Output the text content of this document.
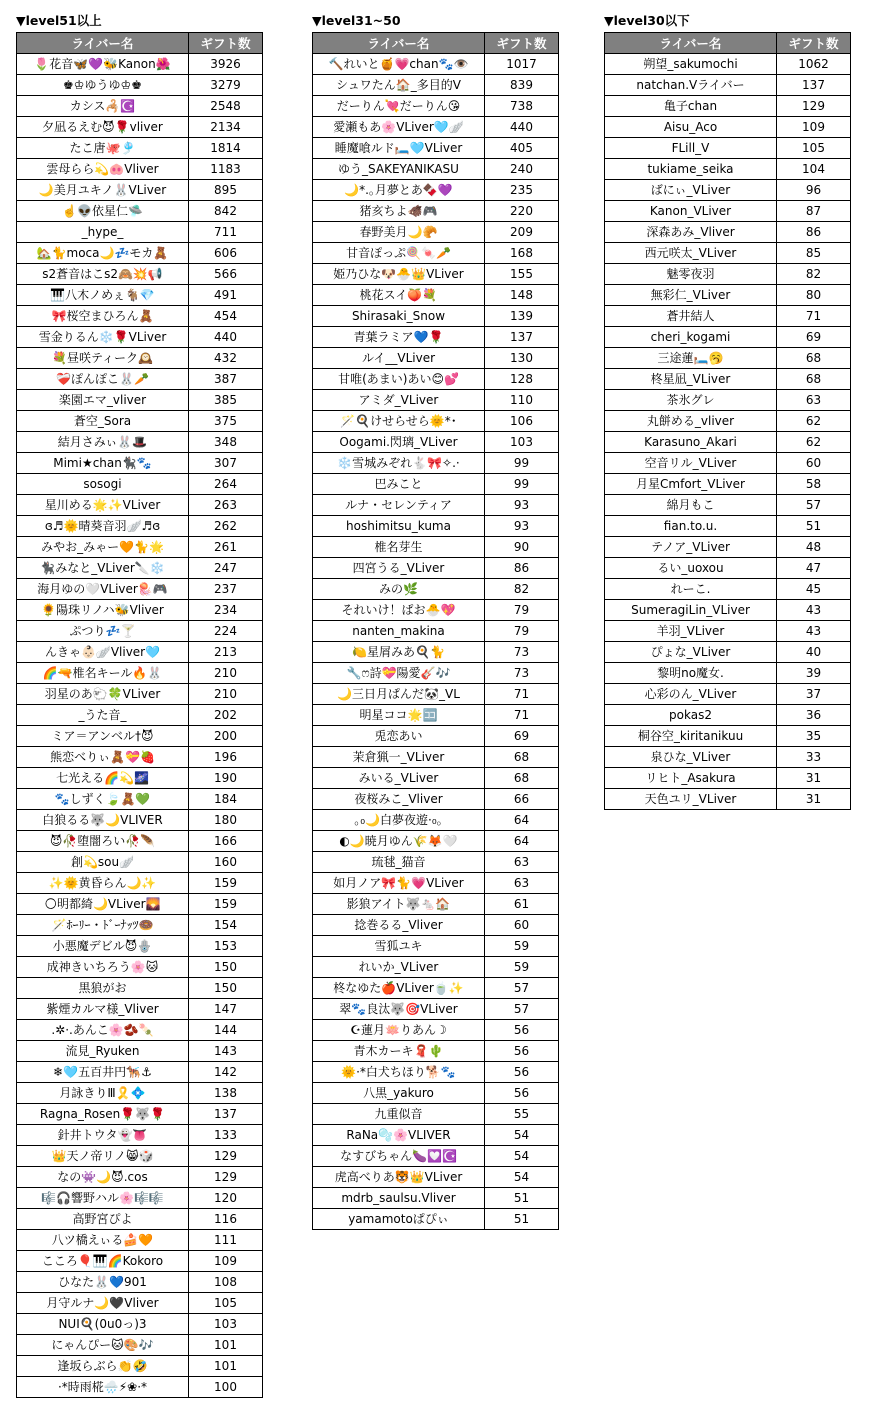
▼level51以上
ライバー名	ギフト数
🌷花音🦋💜🐝Kanon🌺	3926
♚♔ゆうゆ♔♚	3279
カシス🦂☪️	2548
夕凪るえむ😈🌹vliver	2134
たこ唐🐙🎐	1814
雲母らら💫🐽Vliver	1183
🌙美月ユキノ🐰VLiver	895
☝️👽依星仁🛸	842
_hype_	711
🏡🐈moca🌙💤モカ🧸	606
s2蒼音はこs2🙈💥📢	566
🎹八木ノめぇ🐐💎	491
🎀桜空まひろん🧸	454
雪金りるん❄️🌹VLiver	440
💐昼咲ティーク🕰️	432
❤️‍🩹ぽんぽこ🐰🥕	387
楽園エマ_vliver	385
蒼空_Sora	375
結月さみぃ🐰🎩	348
Mimi★chan🐈‍⬛🐾	307
sosogi	264
星川める🌟✨VLiver	263
ɞ♬🌞晴葵音羽🪽♬ɞ	262
みやお_みゃー🧡🐈🌟	261
🐈‍⬛みなと_VLiver🔪❄️	247
海月ゆの🤍VLiver🪼🎮	237
🌻陽珠リノハ🐝Vliver	234
ぷつり💤🍸	224
んきゃ👶🏻🪽Vliver🩵	213
🌈🔫椎名キール🔥🐰	210
羽星のあ🐑🍀VLiver	210
_うた音_	202
ミア＝アンベル†😈	200
熊恋べりぃ🧸💝🍓	196
七光える🌈💫🌌	190
🐾しずく🍃🧸💚	184
白狼るる🐺🌙VLIVER	180
😈🥀堕闇ろい🥀🪶	166
創💫sou🪽	160
✨🌞黄昏らん🌙✨	159
🌕明都綺🌙VLiver🌄	159
🪄ﾎｰﾘｰ・ﾄﾞｰﾅｯﾂ🍩	154
小悪魔デビル😈🪬	153
成神きいちろう🌸🐱	150
黒狼がお	150
紫煙カルマ様_Vliver	147
.✲·.あんこ🌸🫘🍡	144
流見_Ryuken	143
❄︎🩵五百井円🐕‍🦺⚓︎	142
月詠きりⅢ🎗️💠	138
Ragna_Rosen🌹🐺🌹	137
針井トウタ👻👅	133
👑天ノ帝リノ😸🎲	129
なの👾🌙😈.cos	129
🎼🎧響野ハル🌸🎼🎼	120
高野宮ぴよ	116
八ツ橋えぃる🍰🧡	111
こころ🎈🎹🌈Kokoro	109
ひなた🐰💙901	108
月守ルナ🌙🖤Vliver	105
NUI🍳(0u0っ)3	103
にゃんぴー🐱🎨🎶	101
逢坂らぶら👏🤣	101
·*時雨椛🌧️⚡︎❀·*	100
▼level31~50
ライバー名	ギフト数
🔨れいと🍯💗chan🐾👁️	1017
シュワたん🏠_多目的V	839
だーりん💘だーりん😘	738
愛瀬もあ🌸VLiver🩵🪽	440
睡魔喰ルド🛏️🩵VLiver	405
ゆう_SAKEYANIKASU	240
🌙*.｡月夢とあ🍫💜	235
猪亥ちよ🐗🎮	220
春野美月🌙🥐	209
甘音ぽっぷ🍭🍬🥕	168
姫乃ひな🐶🐣👑VLiver	155
桃花スイ🍑💐	148
Shirasaki_Snow	139
青葉ラミア💙🌹	137
ルイ__VLiver	130
甘唯(あまい)あい😊💕	128
アミダ_VLiver	110
🪄🍳けせらせら🌞*･	106
Oogami.閃璃_VLiver	103
❄️雪城みぞれ🐇🎀✧.·	99
巴みこと	99
ルナ・セレンティア	93
hoshimitsu_kuma	93
椎名芽生	90
四宮うる_VLiver	86
みの🌿	82
それいけ！ぱお🐣💖	79
nanten_makina	79
🍋星屑みあ🍳🐈	73
🔧ෆ詩💝陽愛🎸🎶	73
🌙三日月ぱんだ🐼_VL	71
明星ココ🌟🈁	71
兎恋あい	69
茉倉猟一_VLiver	68
みいる_VLiver	68
夜桜みこ_Vliver	66
｡₀🌙白夢夜遊·₀｡	64
◐🌙暁月ゆん🌾🦊🤍	64
琉毬_猫音	63
如月ノア🎀🐈💗VLiver	63
影狼アイト🐺🐁🏠	61
捻巻るる_Vliver	60
雪狐ユキ	59
れいか_VLiver	59
柊なゆた🍎VLiver🍵✨	57
翠🐾良汰🐺🎯VLiver	57
☪︎蓮月🪷りあん☽	56
青木カーキ🧣🌵	56
🌞·*白犬ちほり🐕🐾	56
八黒_yakuro	56
九重似音	55
RaNa🫧🌸VLIVER	54
なすびちゃん🍆💟☪️	54
虎高べりあ🐯👑VLiver	54
mdrb_saulsu.Vliver	51
yamamotoぱぴぃ	51
▼level30以下
ライバー名	ギフト数
朔望_sakumochi	1062
natchan.Vライバー	137
亀子chan	129
Aisu_Aco	109
FLill_V	105
tukiame_seika	104
ばにぃ_VLiver	96
Kanon_VLiver	87
深森あみ_Vliver	86
西元咲太_VLiver	85
魅零夜羽	82
無彩仁_VLiver	80
蒼井結人	71
cheri_kogami	69
三途蓮🛏️🥱	68
柊星凪_VLiver	68
茶氷グレ	63
丸餅める_vliver	62
Karasuno_Akari	62
空音リル_VLiver	60
月星Cmfort_VLiver	58
綿月もこ	57
fian.to.u.	51
テノア_VLiver	48
るい_uoxou	47
れーこ.	45
SumeragiLin_VLiver	43
羊羽_VLiver	43
ぴょな_VLiver	40
黎明no魔女.	39
心彩のん_VLiver	37
pokas2	36
桐谷空_kiritanikuu	35
泉ひな_VLiver	33
リヒト_Asakura	31
天色ユリ_VLiver	31
